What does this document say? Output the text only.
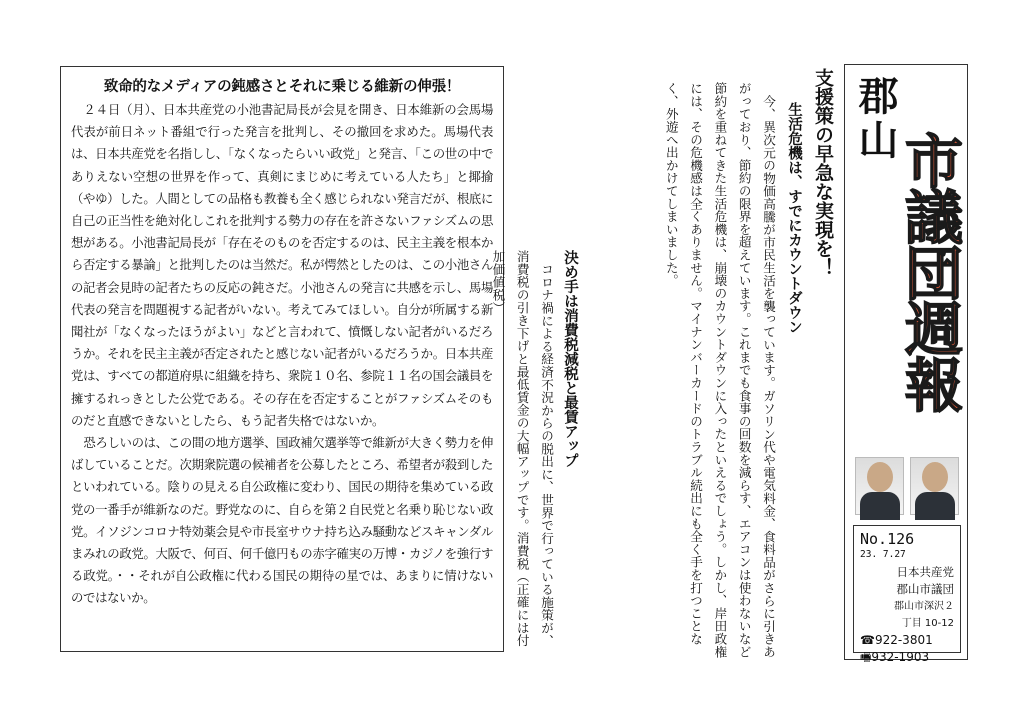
致命的なメディアの鈍感さとそれに乗じる維新の伸張！

２４日（月）、日本共産党の小池書記局長が会見を開き、日本維新の会馬場代表が前日ネット番組で行った発言を批判し、その撤回を求めた。馬場代表は、日本共産党を名指しし、「なくなったらいい政党」と発言、「この世の中でありえない空想の世界を作って、真剣にまじめに考えている人たち」と揶揄（やゆ）した。人間としての品格も教養も全く感じられない発言だが、根底に自己の正当性を絶対化しこれを批判する勢力の存在を許さないファシズムの思想がある。小池書記局長が「存在そのものを否定するのは、民主主義を根本から否定する暴論」と批判したのは当然だ。私が愕然としたのは、この小池さんの記者会見時の記者たちの反応の鈍さだ。小池さんの発言に共感を示し、馬場代表の発言を問題視する記者がいない。考えてみてほしい。自分が所属する新聞社が「なくなったほうがよい」などと言われて、憤慨しない記者がいるだろうか。それを民主主義が否定されたと感じない記者がいるだろうか。日本共産党は、すべての都道府県に組織を持ち、衆院１０名、参院１１名の国会議員を擁するれっきとした公党である。その存在を否定することがファシズムそのものだと直感できないとしたら、もう記者失格ではないか。

恐ろしいのは、この間の地方選挙、国政補欠選挙等で維新が大きく勢力を伸ばしていることだ。次期衆院選の候補者を公募したところ、希望者が殺到したといわれている。陰りの見える自公政権に変わり、国民の期待を集めている政党の一番手が維新なのだ。野党なのに、自らを第２自民党と名乗り恥じない政党。イソジンコロナ特効薬会見や市長室サウナ持ち込み騒動などスキャンダルまみれの政党。大阪で、何百、何千億円もの赤字確実の万博・カジノを強行する政党。・・それが自公政権に代わる国民の期待の星では、あまりに情けないのではないか。

決め手は消費税減税と最賃アップ

コロナ禍による経済不況からの脱出に、世界で行っている施策が、消費税の引き下げと最低賃金の大幅アップです。消費税（正確には付加価値税）

支援策の早急な実現を！
生活危機は、すでにカウントダウン

今、異次元の物価高騰が市民生活を襲っています。ガソリン代や電気料金、食料品がさらに引きあがっており、節約の限界を超えています。これまでも食事の回数を減らす、エアコンは使わないなど節約を重ねてきた生活危機は、崩壊のカウントダウンに入ったといえるでしょう。しかし、岸田政権には、その危機感は全くありません。マイナンバーカードのトラブル続出にも全く手を打つことなく、外遊へ出かけてしまいました。	郡山
市議団週報
No.126
23. 7.27
日本共産党
郡山市議団
郡山市深沢２
丁目 10-12
☎922-3801
🖷932-1903
